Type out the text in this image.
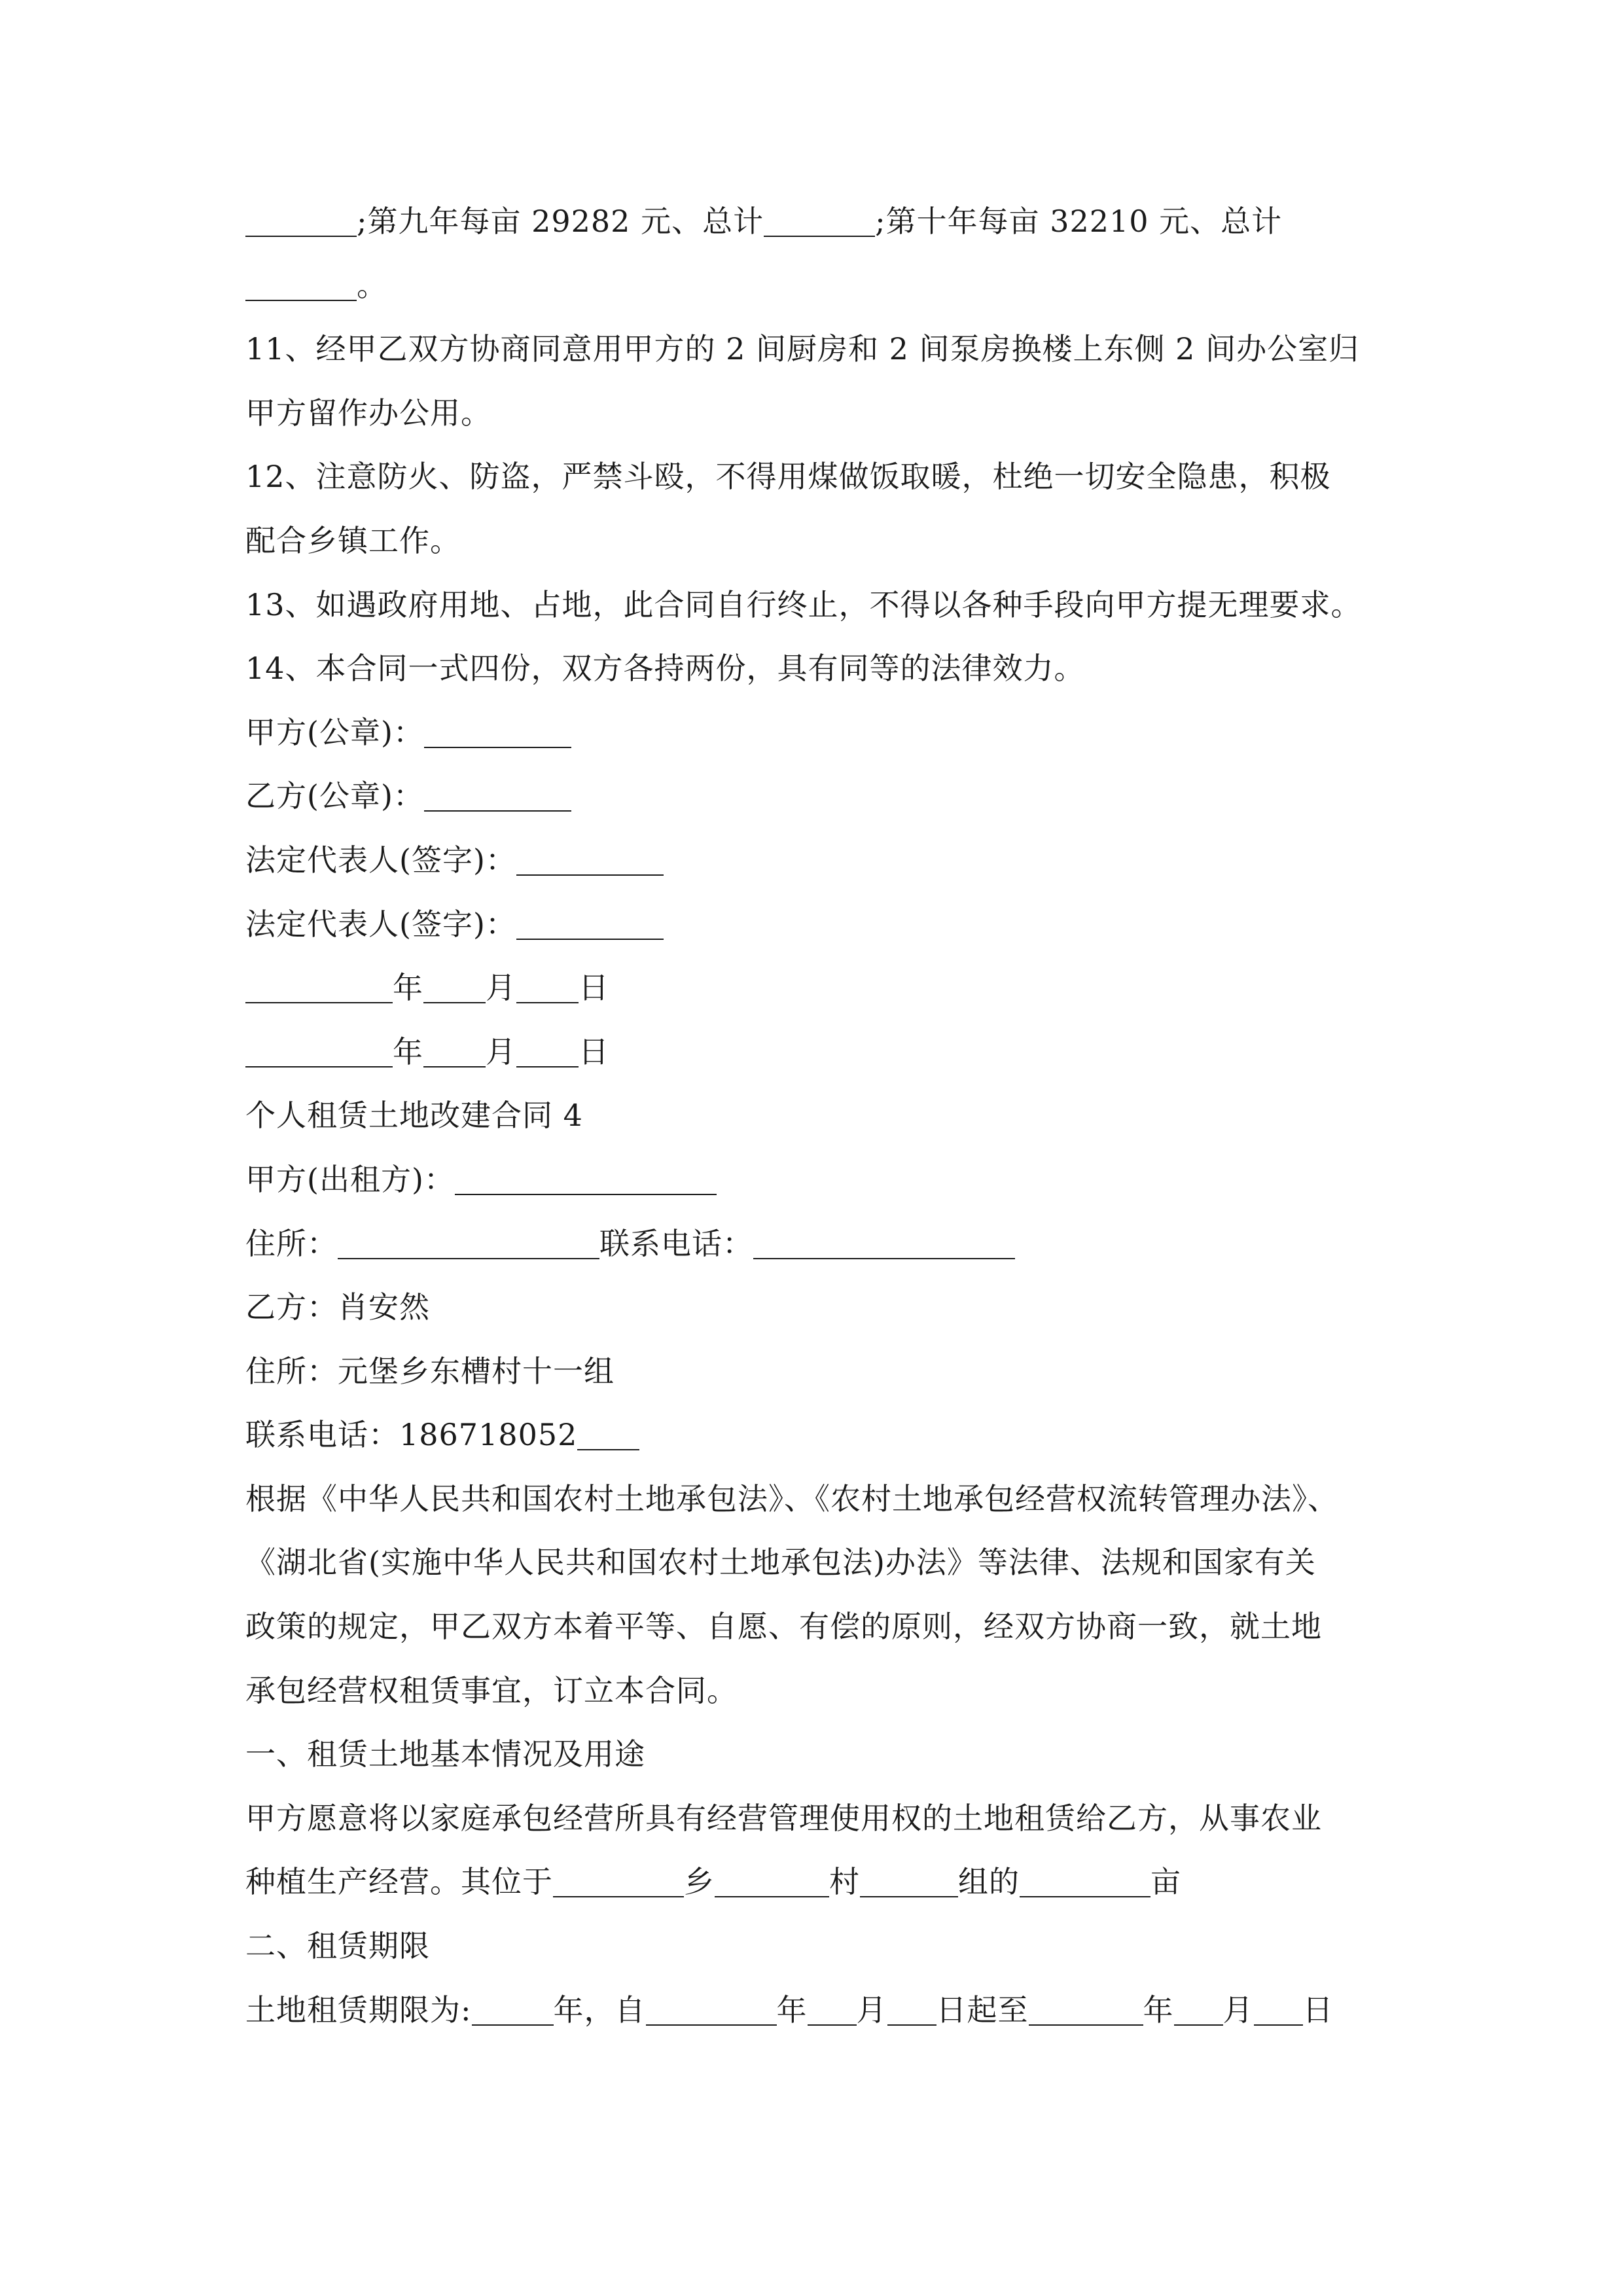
;第九年每亩 29282 元、总计	;第十年每亩 32210 元、总计
。
11、经甲乙双方协商同意用甲方的 2 间厨房和 2 间泵房换楼上东侧 2 间办公室归
甲方留作办公用。
12、注意防火、防盗，严禁斗殴，不得用煤做饭取暖，杜绝一切安全隐患，积极
配合乡镇工作。
13、如遇政府用地、占地，此合同自行终止，不得以各种手段向甲方提无理要求。
14、本合同一式四份，双方各持两份，具有同等的法律效力。
甲方(公章)：
乙方(公章)：
法定代表人(签字)：
法定代表人(签字)：
年 月 日
年 月 日
个人租赁土地改建合同 4
甲方(出租方)：
住所：	联系电话：
乙方：肖安然
住所：元堡乡东槽村十一组
联系电话：186718052
根据《中华人民共和国农村土地承包法》、《农村土地承包经营权流转管理办法》、
《湖北省(实施中华人民共和国农村土地承包法)办法》等法律、法规和国家有关
政策的规定，甲乙双方本着平等、自愿、有偿的原则，经双方协商一致，就土地
承包经营权租赁事宜，订立本合同。
一、租赁土地基本情况及用途
甲方愿意将以家庭承包经营所具有经营管理使用权的土地租赁给乙方，从事农业
种植生产经营。其位于	乡	村	组的	亩
二、租赁期限
土地租赁期限为:	年，自	年 月 日起至	年 月 日
